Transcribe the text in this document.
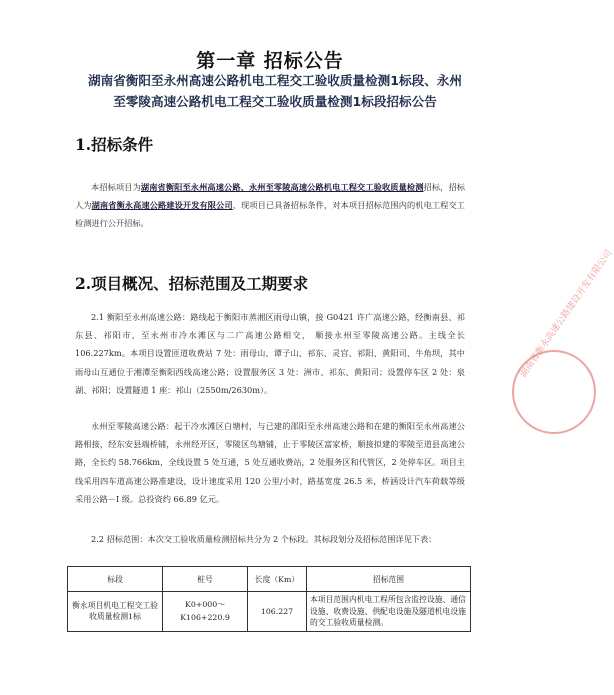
第一章 招标公告
湖南省衡阳至永州高速公路机电工程交工验收质量检测1标段、永州
至零陵高速公路机电工程交工验收质量检测1标段招标公告
1.招标条件
本招标项目为湖南省衡阳至永州高速公路、永州至零陵高速公路机电工程交工验收质量检测招标，招标人为湖南省衡永高速公路建设开发有限公司，现项目已具备招标条件，对本项目招标范围内的机电工程交工检测进行公开招标。
2.项目概况、招标范围及工期要求
2.1 衡阳至永州高速公路：路线起于衡阳市蒸湘区雨母山镇，接 G0421 许广高速公路，经衡南县、祁东县、祁阳市，至永州市冷水滩区与二广高速公路相交， 顺接永州至零陵高速公路。主线全长 106.227km。本项目设置匝道收费站 7 处：雨母山、谭子山、祁东、灵官、祁阳、黄阳司、牛角坝，其中雨母山互通位于湘潭至衡阳西线高速公路；设置服务区 3 处：洲市、祁东、黄阳司；设置停车区 2 处：泉湖、祁阳；设置隧道 1 座：祁山（2550m/2630m）。
永州至零陵高速公路：起于冷水滩区白塘村，与已建的邵阳至永州高速公路和在建的衡阳至永州高速公路相接，经东安县端桥铺，永州经开区，零陵区鸟塘铺，止于零陵区富家桥，顺接拟建的零陵至道县高速公路，全长约 58.766km，全线设置 5 处互通，5 处互通收费站，2 处服务区和代管区，2 处停车区。项目主线采用四车道高速公路准建设，设计速度采用 120 公里/小时，路基宽度 26.5 米，桥涵设计汽车荷载等级采用公路－I 级。总投资约 66.89 亿元。
2.2 招标范围：本次交工验收质量检测招标共分为 2 个标段。其标段划分及招标范围详见下表：
标段	桩号	长度（Km）	招标范围
衡永项目机电工程交工验收质量检测1标	K0+000～
K106+220.9	106.227	本项目范围内机电工程所包含监控设施、通信设施、收费设施、供配电设施及隧道机电设施的交工验收质量检测。
湖南省衡永高速公路建设开发有限公司
